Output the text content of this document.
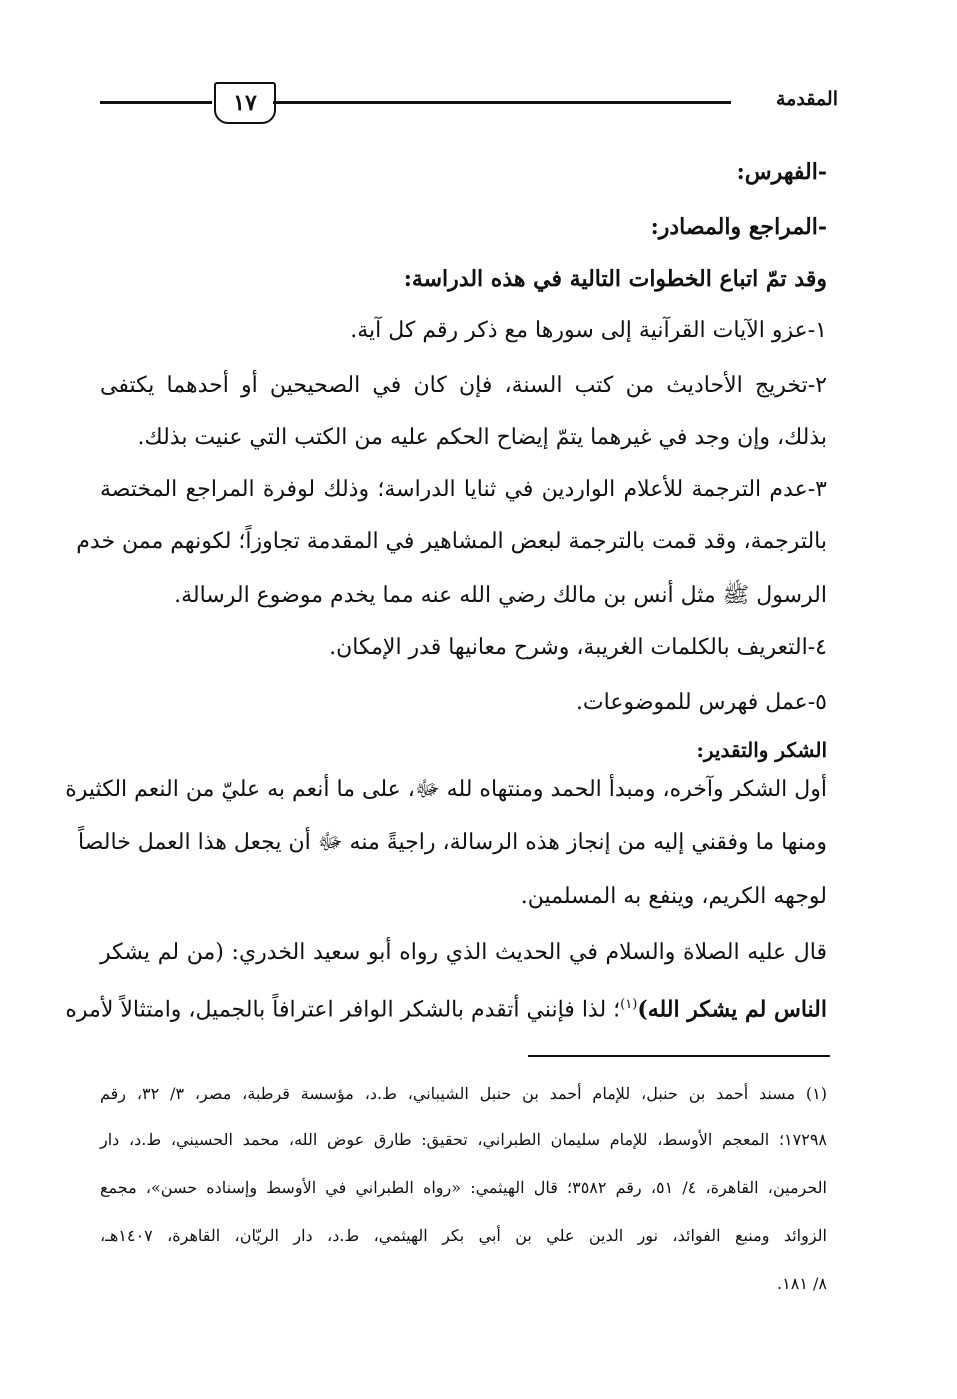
١٧	المقدمة
-الفهرس:
-المراجع والمصادر:
وقد تمّ اتباع الخطوات التالية في هذه الدراسة:
١-عزو الآيات القرآنية إلى سورها مع ذكر رقم كل آية.
٢-تخريج الأحاديث من كتب السنة، فإن كان في الصحيحين أو أحدهما يكتفى
بذلك، وإن وجد في غيرهما يتمّ إيضاح الحكم عليه من الكتب التي عنيت بذلك.
٣-عدم الترجمة للأعلام الواردين في ثنايا الدراسة؛ وذلك لوفرة المراجع المختصة
بالترجمة، وقد قمت بالترجمة لبعض المشاهير في المقدمة تجاوزاً؛ لكونهم ممن خدم
الرسول ﷺ مثل أنس بن مالك رضي الله عنه مما يخدم موضوع الرسالة.
٤-التعريف بالكلمات الغريبة، وشرح معانيها قدر الإمكان.
٥-عمل فهرس للموضوعات.
الشكر والتقدير:
أول الشكر وآخره، ومبدأ الحمد ومنتهاه لله ﷻ، على ما أنعم به عليّ من النعم الكثيرة
ومنها ما وفقني إليه من إنجاز هذه الرسالة، راجيةً منه ﷻ أن يجعل هذا العمل خالصاً
لوجهه الكريم، وينفع به المسلمين.
قال عليه الصلاة والسلام في الحديث الذي رواه أبو سعيد الخدري: (من لم يشكر
الناس لم يشكر الله)$^{(١)}$؛ لذا فإنني أتقدم بالشكر الوافر اعترافاً بالجميل، وامتثالاً لأمره
(١) مسند أحمد بن حنبل، للإمام أحمد بن حنبل الشيباني، ط.د، مؤسسة قرطبة، مصر، ٣/ ٣٢، رقم
١٧٢٩٨؛ المعجم الأوسط، للإمام سليمان الطبراني، تحقيق: طارق عوض الله، محمد الحسيني، ط.د، دار
الحرمين، القاهرة، ٤/ ٥١، رقم ٣٥٨٢؛ قال الهيثمي: «رواه الطبراني في الأوسط وإسناده حسن»، مجمع
الزوائد ومنبع الفوائد، نور الدين علي بن أبي بكر الهيثمي، ط.د، دار الريّان، القاهرة، ١٤٠٧هـ،
٨/ ١٨١.
